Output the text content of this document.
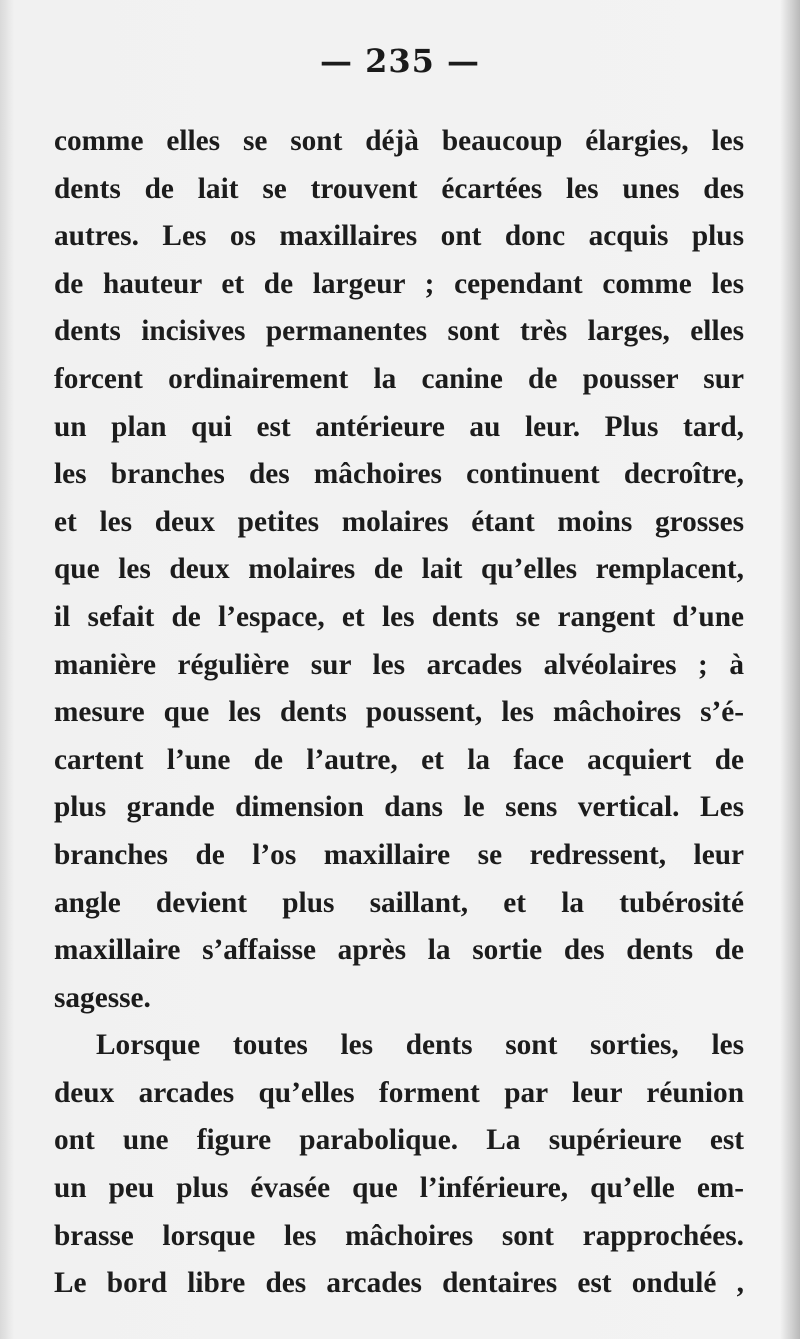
— 235 —
comme elles se sont déjà beaucoup élargies, les
dents de lait se trouvent écartées les unes des
autres. Les os maxillaires ont donc acquis plus
de hauteur et de largeur ; cependant comme les
dents incisives permanentes sont très larges, elles
forcent ordinairement la canine de pousser sur
un plan qui est antérieure au leur. Plus tard,
les branches des mâchoires continuent decroître,
et les deux petites molaires étant moins grosses
que les deux molaires de lait qu’elles remplacent,
il sefait de l’espace, et les dents se rangent d’une
manière régulière sur les arcades alvéolaires ; à
mesure que les dents poussent, les mâchoires s’é-
cartent l’une de l’autre, et la face acquiert de
plus grande dimension dans le sens vertical. Les
branches de l’os maxillaire se redressent, leur
angle devient plus saillant, et la tubérosité
maxillaire s’affaisse après la sortie des dents de
sagesse.
Lorsque toutes les dents sont sorties, les
deux arcades qu’elles forment par leur réunion
ont une figure parabolique. La supérieure est
un peu plus évasée que l’inférieure, qu’elle em-
brasse lorsque les mâchoires sont rapprochées.
Le bord libre des arcades dentaires est ondulé ,
